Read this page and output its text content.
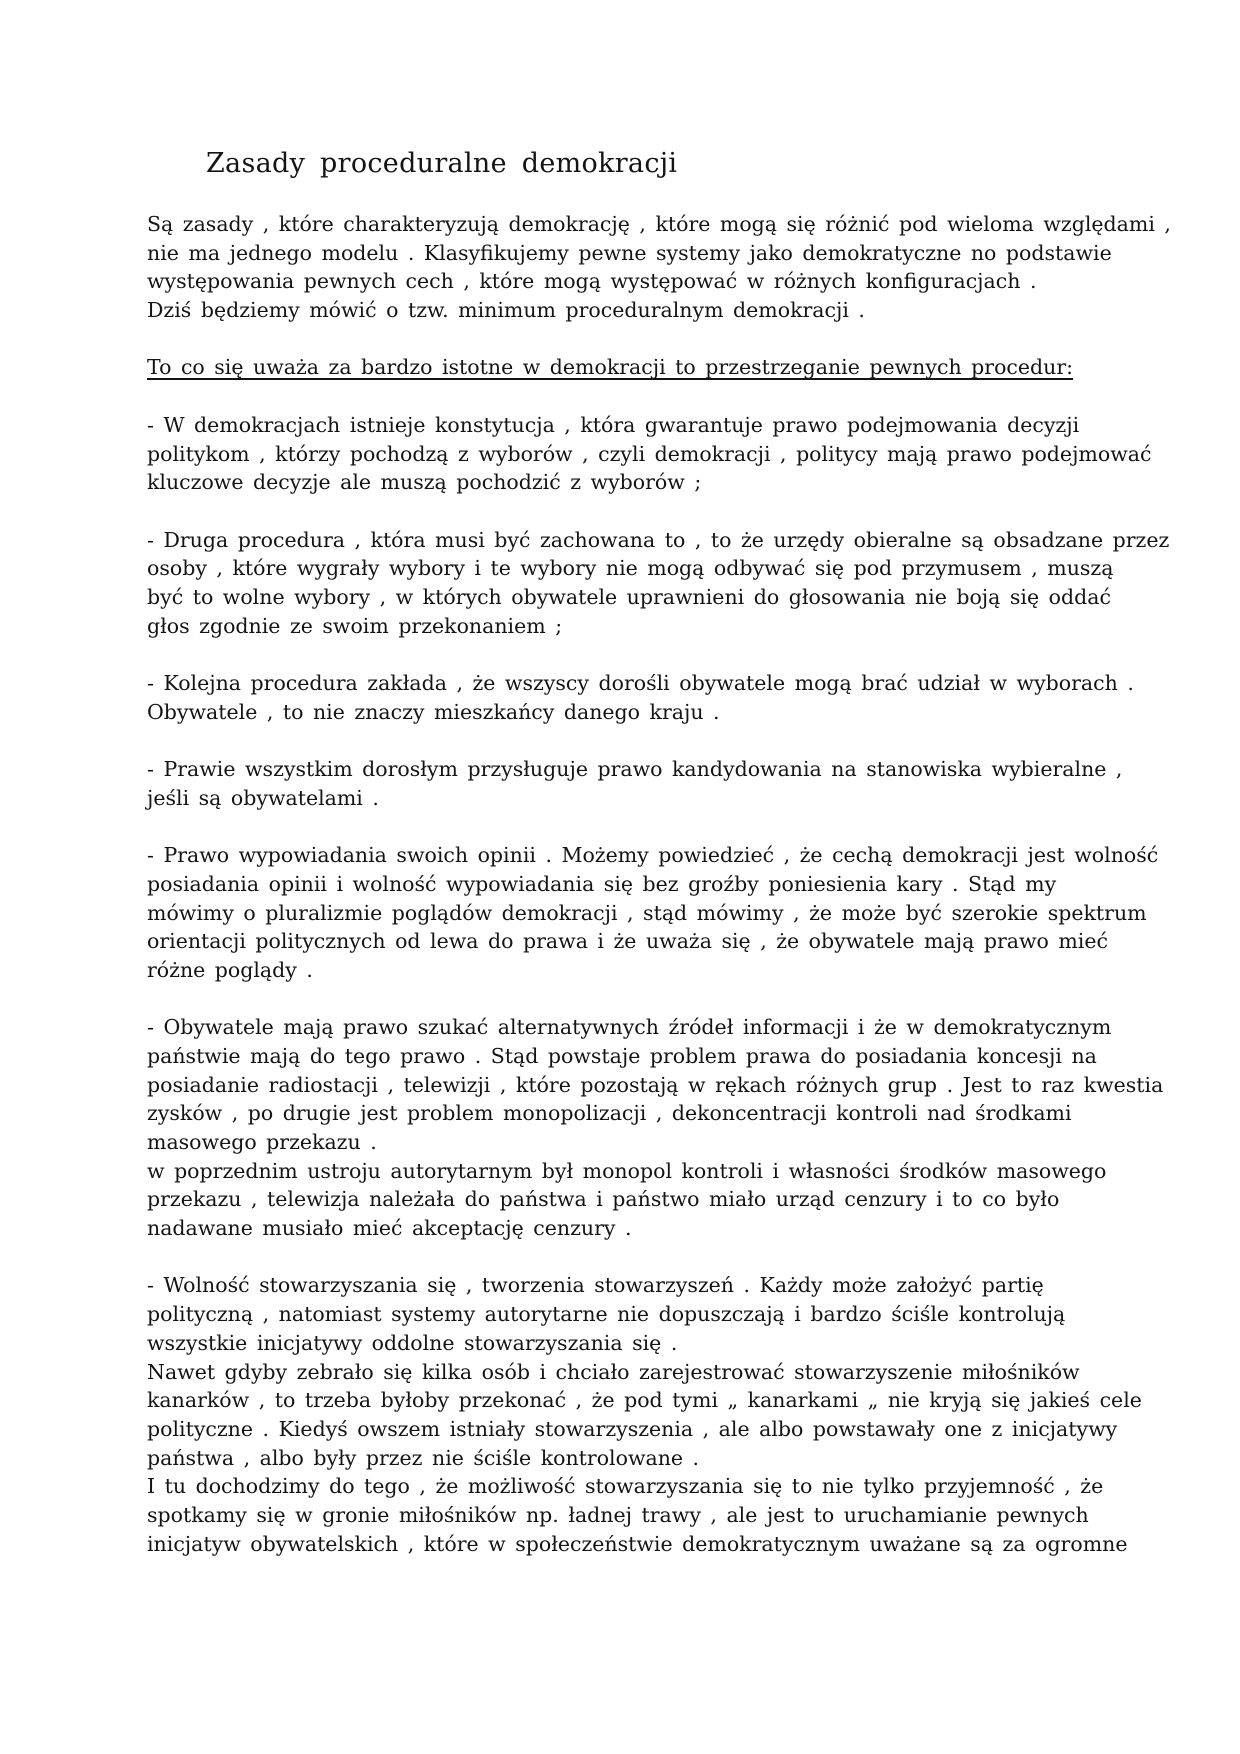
Zasady proceduralne demokracji
Są zasady , które charakteryzują demokrację , które mogą się różnić pod wieloma względami ,
nie ma jednego modelu . Klasyfikujemy pewne systemy jako demokratyczne no podstawie
występowania pewnych cech , które mogą występować w różnych konfiguracjach .
Dziś będziemy mówić o tzw. minimum proceduralnym demokracji .
To co się uważa za bardzo istotne w demokracji to przestrzeganie pewnych procedur:
- W demokracjach istnieje konstytucja , która gwarantuje prawo podejmowania decyzji
politykom , którzy pochodzą z wyborów , czyli demokracji , politycy mają prawo podejmować
kluczowe decyzje ale muszą pochodzić z wyborów ;
- Druga procedura , która musi być zachowana to , to że urzędy obieralne są obsadzane przez
osoby , które wygrały wybory i te wybory nie mogą odbywać się pod przymusem , muszą
być to wolne wybory , w których obywatele uprawnieni do głosowania nie boją się oddać
głos zgodnie ze swoim przekonaniem ;
- Kolejna procedura zakłada , że wszyscy dorośli obywatele mogą brać udział w wyborach .
Obywatele , to nie znaczy mieszkańcy danego kraju .
- Prawie wszystkim dorosłym przysługuje prawo kandydowania na stanowiska wybieralne ,
jeśli są obywatelami .
- Prawo wypowiadania swoich opinii . Możemy powiedzieć , że cechą demokracji jest wolność
posiadania opinii i wolność wypowiadania się bez groźby poniesienia kary . Stąd my
mówimy o pluralizmie poglądów demokracji , stąd mówimy , że może być szerokie spektrum
orientacji politycznych od lewa do prawa i że uważa się , że obywatele mają prawo mieć
różne poglądy .
- Obywatele mają prawo szukać alternatywnych źródeł informacji i że w demokratycznym
państwie mają do tego prawo . Stąd powstaje problem prawa do posiadania koncesji na
posiadanie radiostacji , telewizji , które pozostają w rękach różnych grup . Jest to raz kwestia
zysków , po drugie jest problem monopolizacji , dekoncentracji kontroli nad środkami
masowego przekazu .
w poprzednim ustroju autorytarnym był monopol kontroli i własności środków masowego
przekazu , telewizja należała do państwa i państwo miało urząd cenzury i to co było
nadawane musiało mieć akceptację cenzury .
- Wolność stowarzyszania się , tworzenia stowarzyszeń . Każdy może założyć partię
polityczną , natomiast systemy autorytarne nie dopuszczają i bardzo ściśle kontrolują
wszystkie inicjatywy oddolne stowarzyszania się .
Nawet gdyby zebrało się kilka osób i chciało zarejestrować stowarzyszenie miłośników
kanarków , to trzeba byłoby przekonać , że pod tymi „ kanarkami „ nie kryją się jakieś cele
polityczne . Kiedyś owszem istniały stowarzyszenia , ale albo powstawały one z inicjatywy
państwa , albo były przez nie ściśle kontrolowane .
I tu dochodzimy do tego , że możliwość stowarzyszania się to nie tylko przyjemność , że
spotkamy się w gronie miłośników np. ładnej trawy , ale jest to uruchamianie pewnych
inicjatyw obywatelskich , które w społeczeństwie demokratycznym uważane są za ogromne
